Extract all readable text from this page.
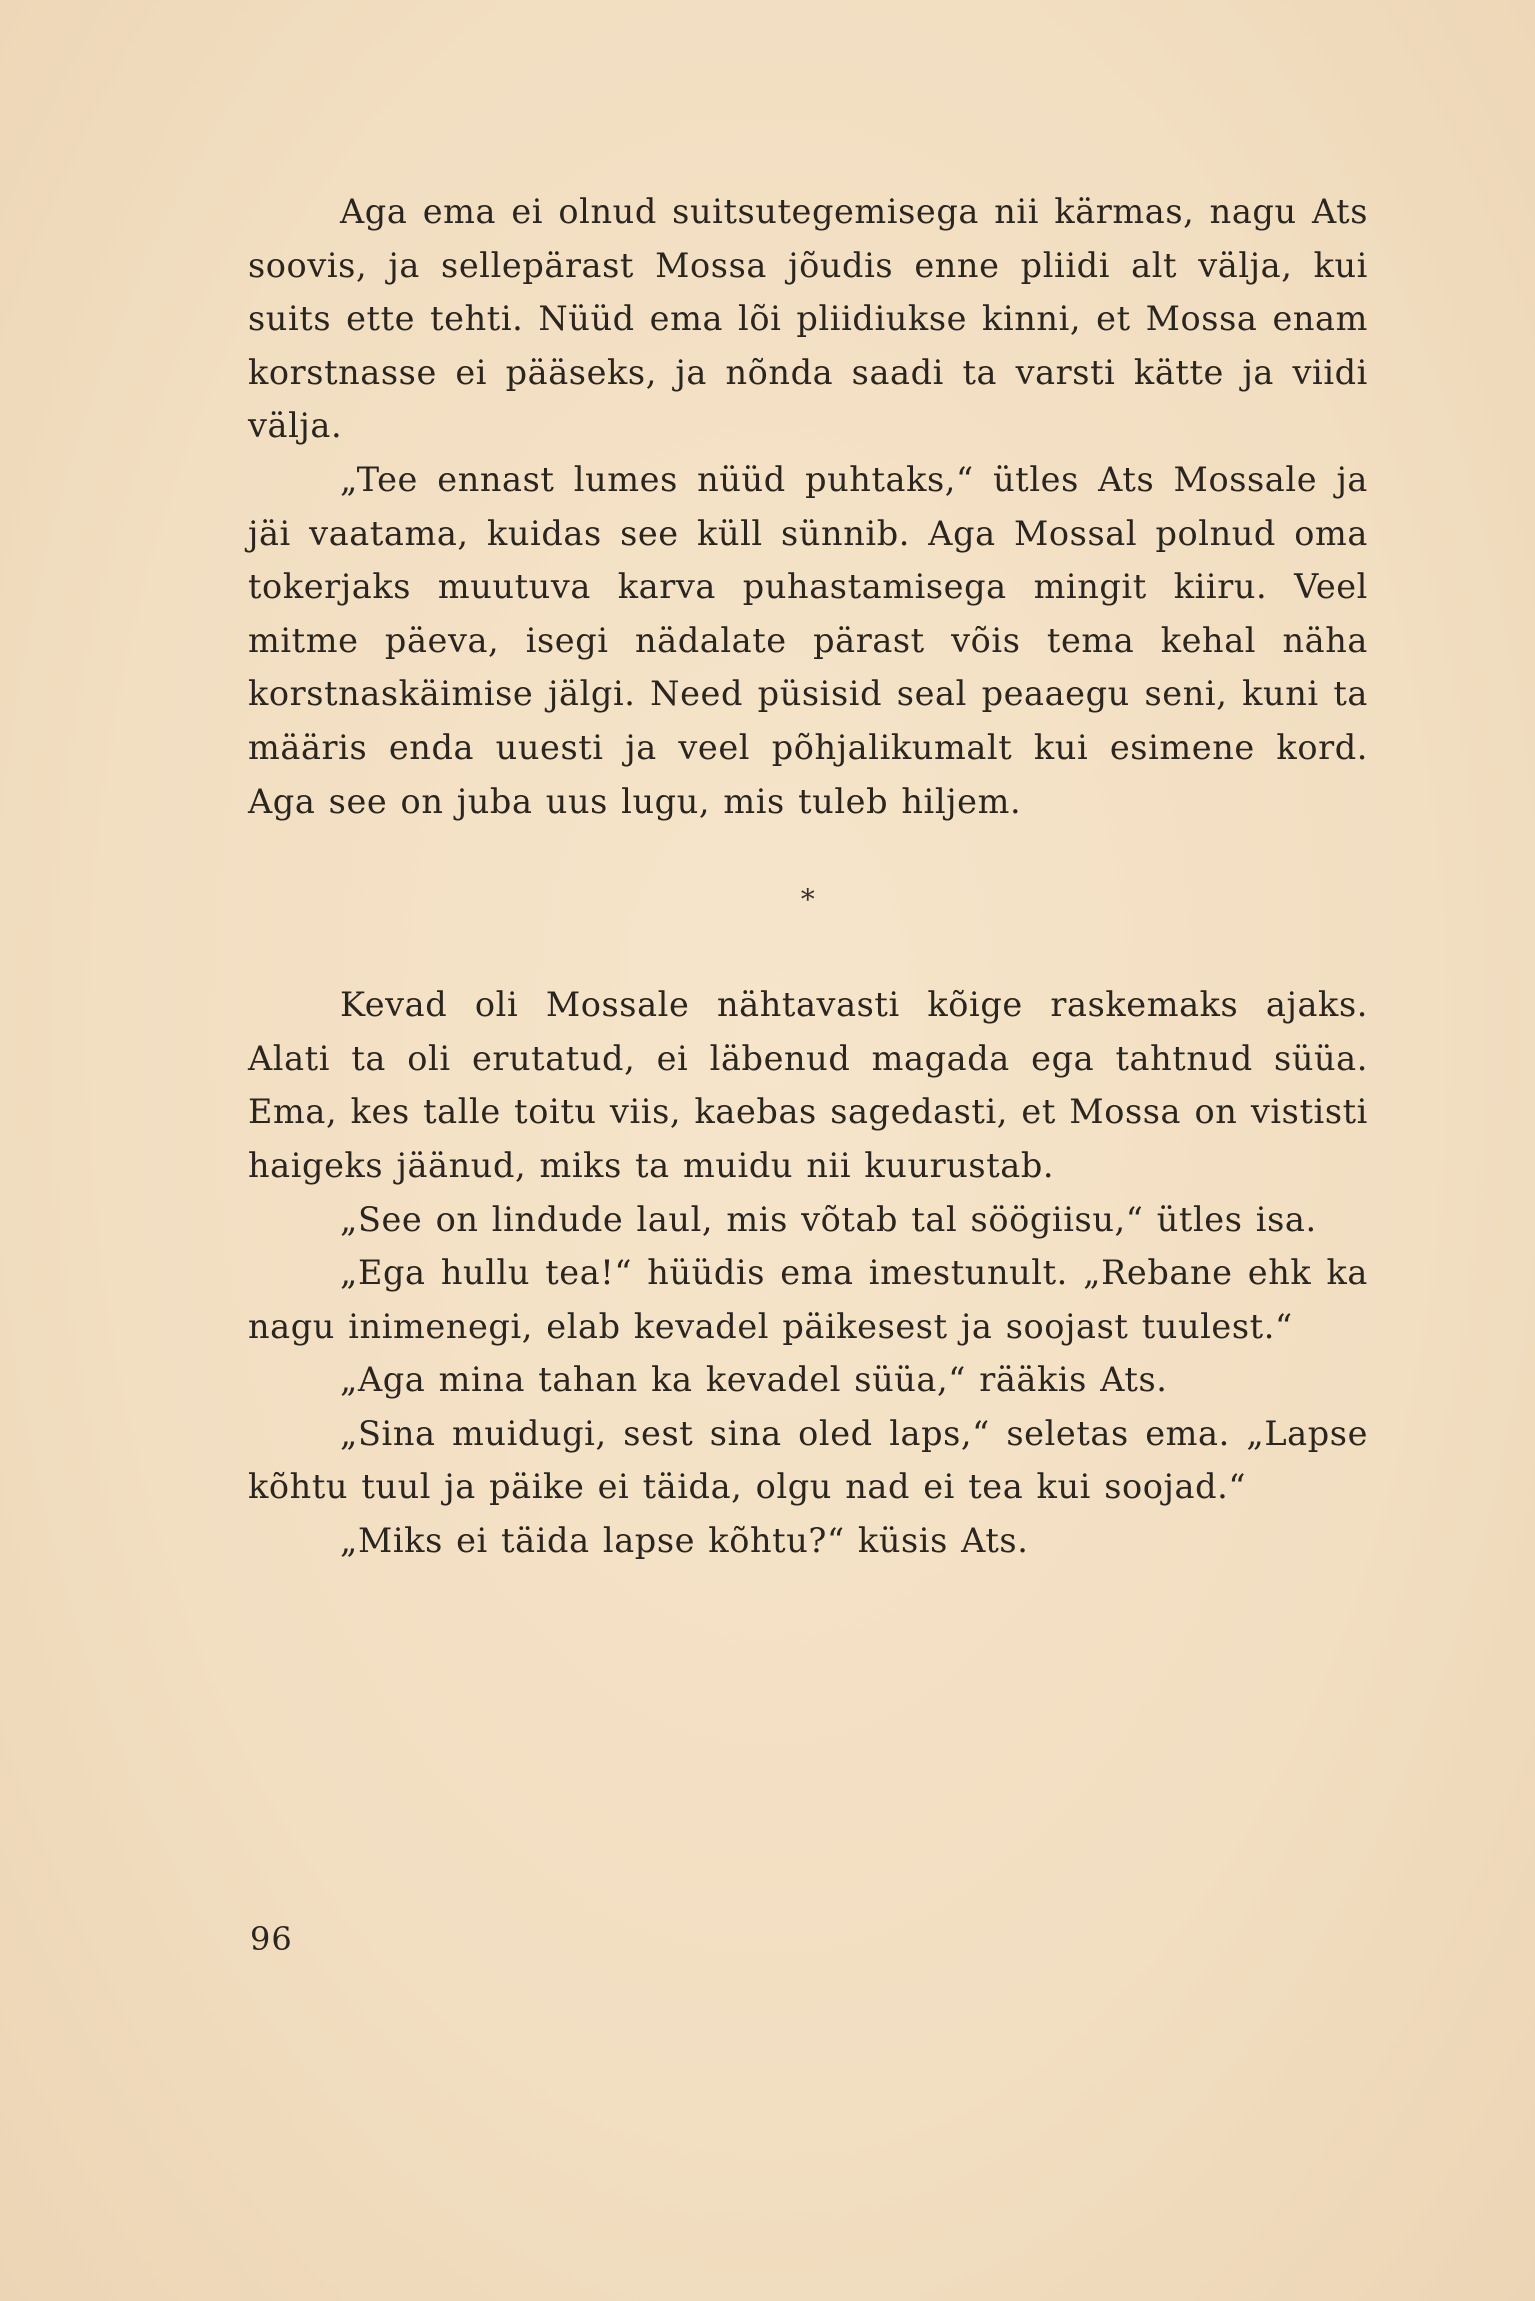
Aga ema ei olnud suitsutegemisega nii kärmas, nagu Ats soovis, ja sellepärast Mossa jõudis enne pliidi alt välja, kui suits ette tehti. Nüüd ema lõi pliidiukse kinni, et Mossa enam korstnasse ei pääseks, ja nõnda saadi ta varsti kätte ja viidi välja.

„Tee ennast lumes nüüd puhtaks,“ ütles Ats Mossale ja jäi vaatama, kuidas see küll sünnib. Aga Mossal polnud oma tokerjaks muutuva karva puhastamisega mingit kiiru. Veel mitme päeva, isegi nädalate pärast võis tema kehal näha korstnaskäimise jälgi. Need püsisid seal peaaegu seni, kuni ta määris enda uuesti ja veel põhjalikumalt kui esimene kord. Aga see on juba uus lugu, mis tuleb hiljem.

*

Kevad oli Mossale nähtavasti kõige raskemaks ajaks. Alati ta oli erutatud, ei läbenud magada ega tahtnud süüa. Ema, kes talle toitu viis, kaebas sagedasti, et Mossa on vististi haigeks jäänud, miks ta muidu nii kuurustab.

„See on lindude laul, mis võtab tal söögiisu,“ ütles isa.

„Ega hullu tea!“ hüüdis ema imestunult. „Rebane ehk ka nagu inimenegi, elab kevadel päikesest ja soojast tuulest.“

„Aga mina tahan ka kevadel süüa,“ rääkis Ats.

„Sina muidugi, sest sina oled laps,“ seletas ema. „Lapse kõhtu tuul ja päike ei täida, olgu nad ei tea kui soojad.“

„Miks ei täida lapse kõhtu?“ küsis Ats.

96
